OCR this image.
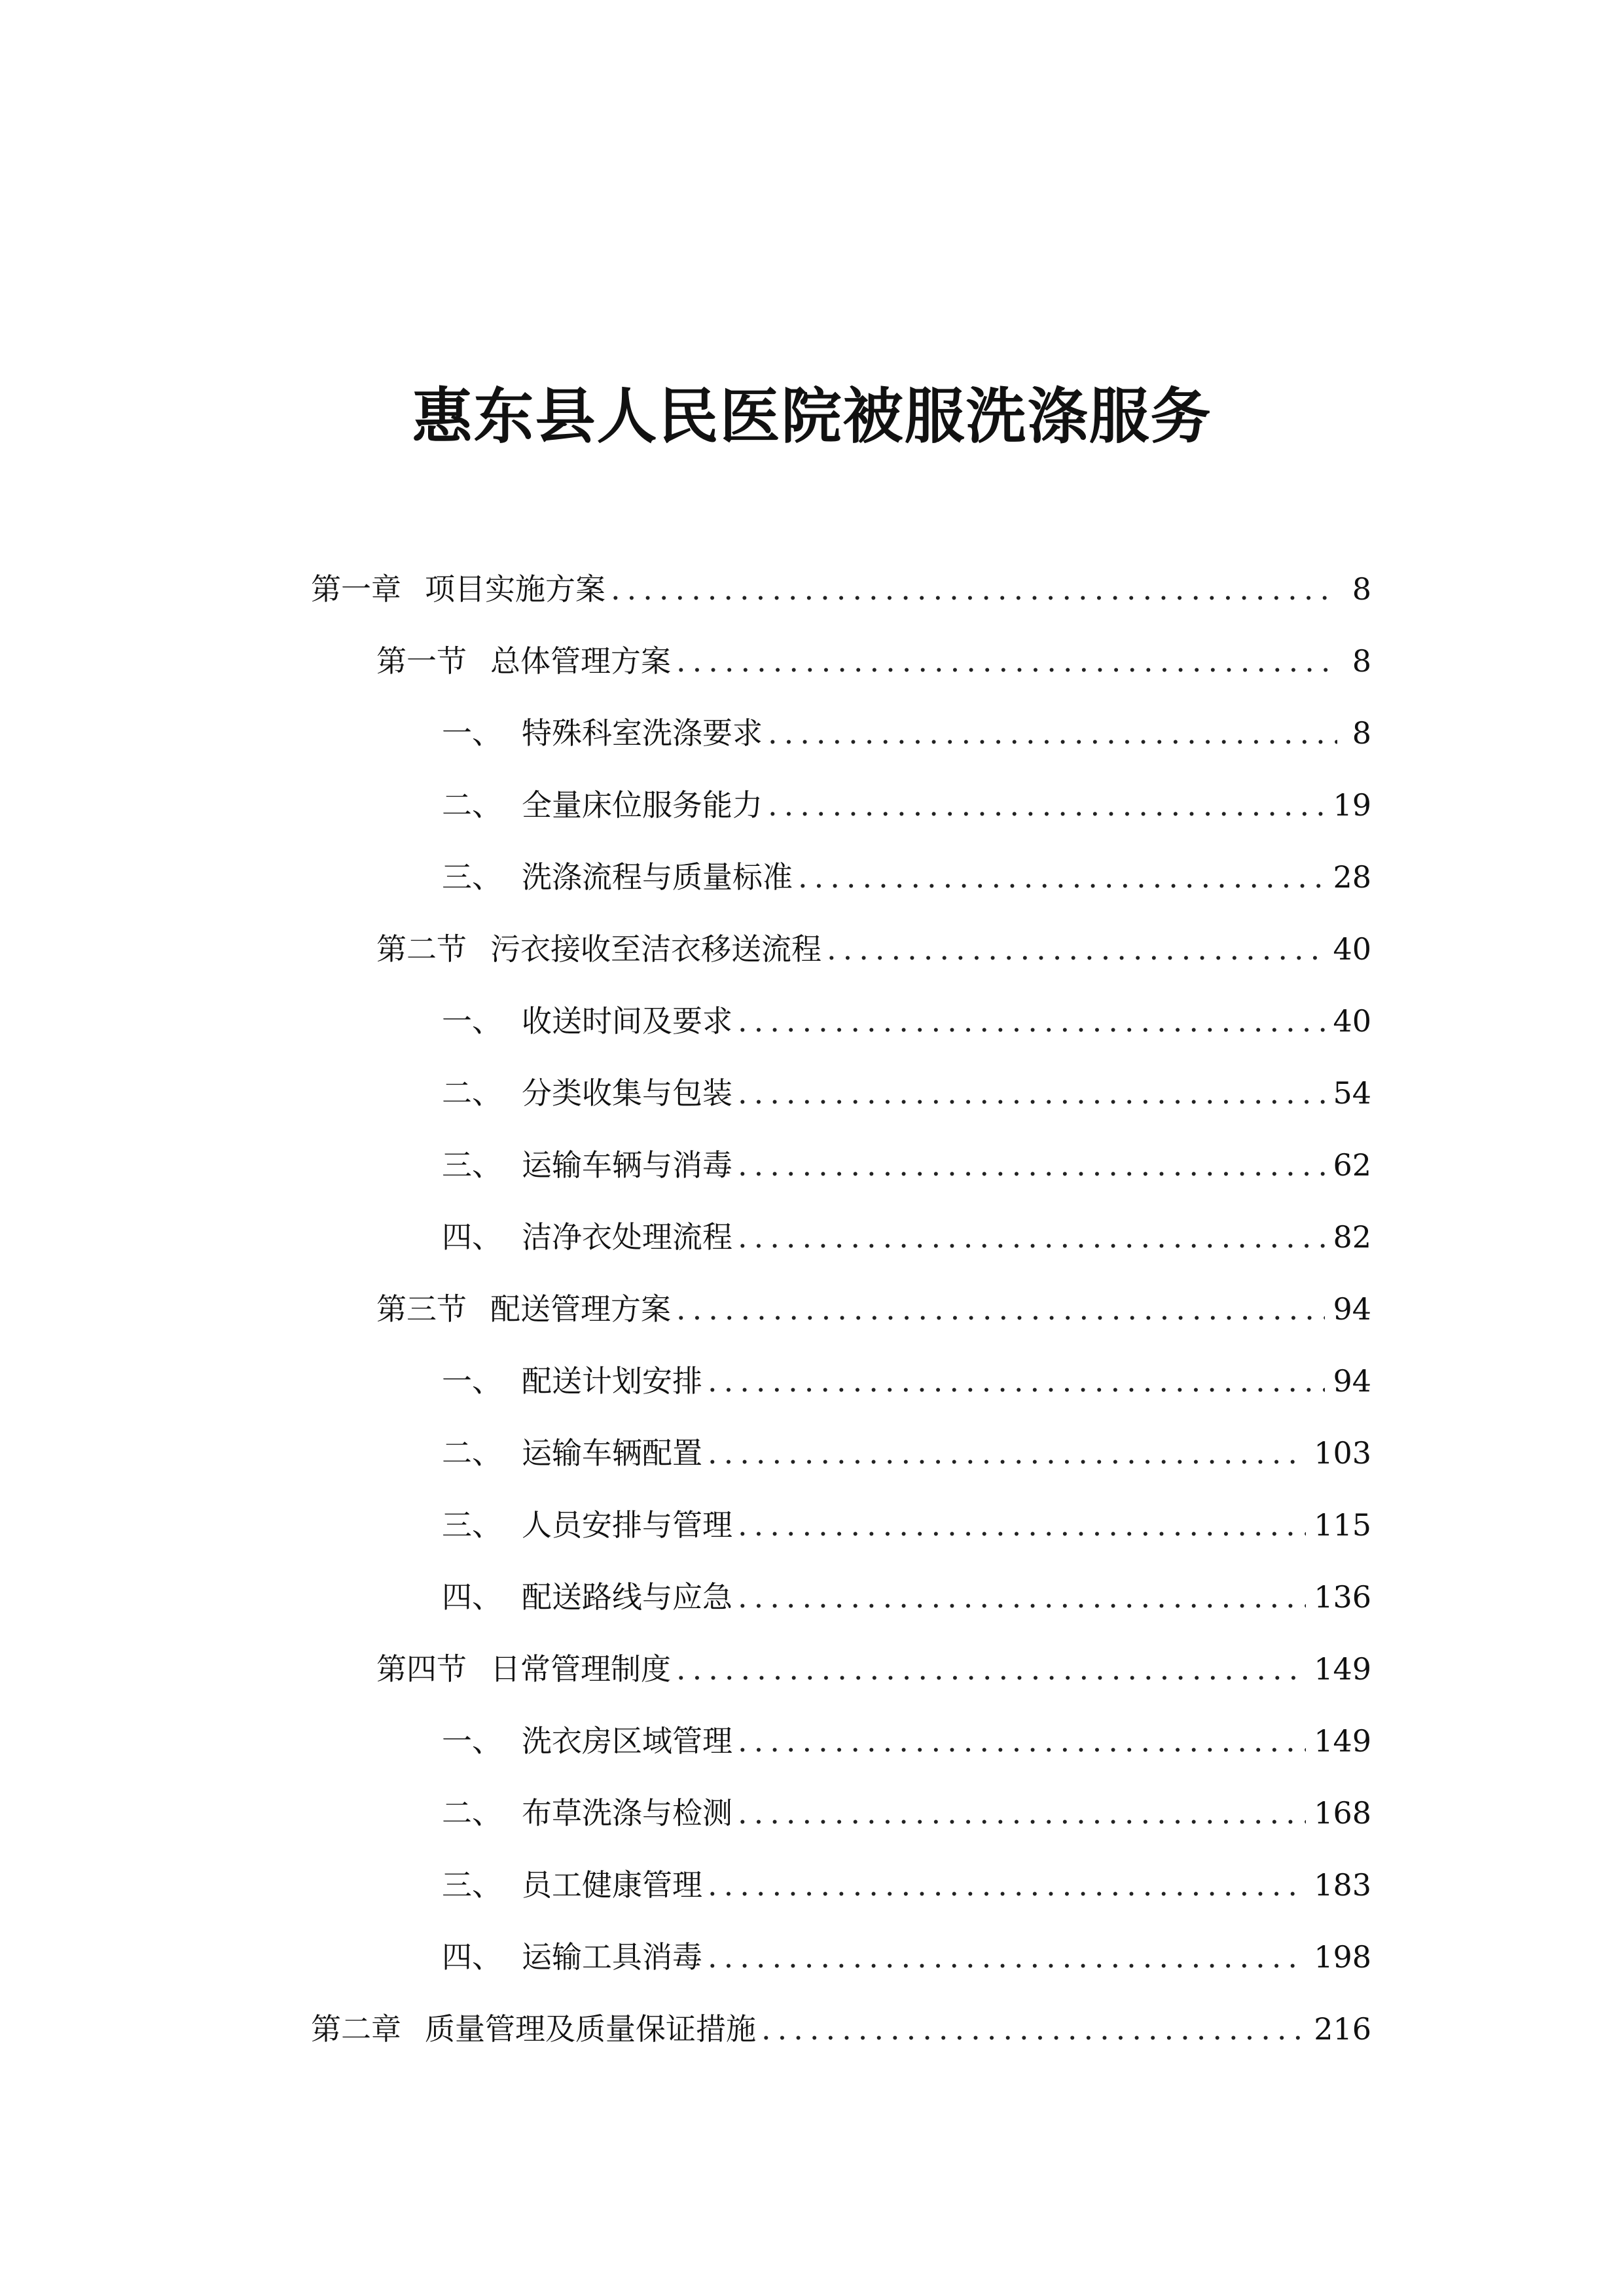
惠东县人民医院被服洗涤服务
第一章 项目实施方案 .....	8
第一节 总体管理方案 .....	8
一、 特殊科室洗涤要求 .....	8
二、 全量床位服务能力 .....	19
三、 洗涤流程与质量标准 .....	28
第二节 污衣接收至洁衣移送流程 .....	40
一、 收送时间及要求 .....	40
二、 分类收集与包装 .....	54
三、 运输车辆与消毒 .....	62
四、 洁净衣处理流程 .....	82
第三节 配送管理方案 .....	94
一、 配送计划安排 .....	94
二、 运输车辆配置 .....	103
三、 人员安排与管理 .....	115
四、 配送路线与应急 .....	136
第四节 日常管理制度 .....	149
一、 洗衣房区域管理 .....	149
二、 布草洗涤与检测 .....	168
三、 员工健康管理 .....	183
四、 运输工具消毒 .....	198
第二章 质量管理及质量保证措施 .....	216
